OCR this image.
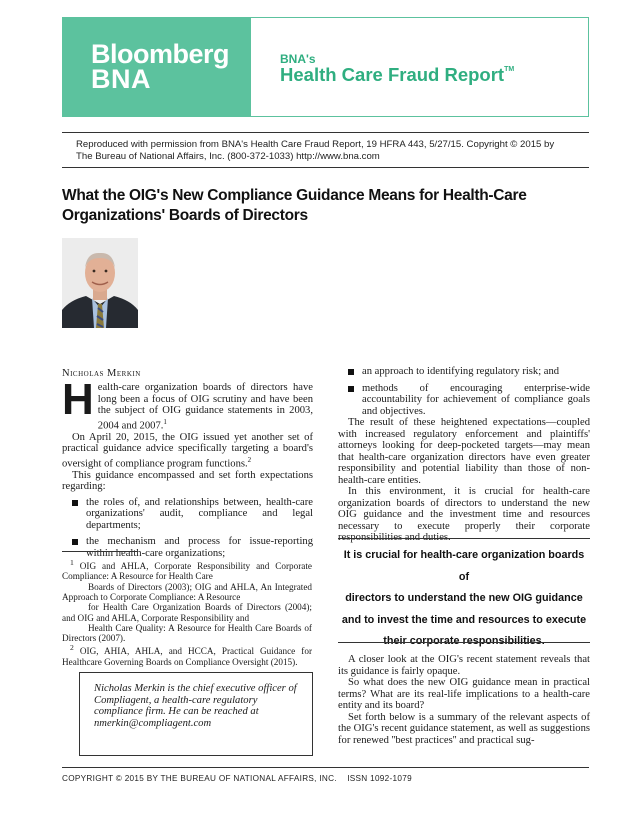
Bloomberg
BNA
BNA's
Health Care Fraud Report™
Reproduced with permission from BNA's Health Care Fraud Report, 19 HFRA 443, 5/27/15. Copyright © 2015 by
The Bureau of National Affairs, Inc. (800-372-1033) http://www.bna.com
What the OIG's New Compliance Guidance Means for Health-Care Organizations' Boards of Directors
Nicholas Merkin

Health-care organization boards of directors have long been a focus of OIG scrutiny and have been the subject of OIG guidance statements in 2003, 2004 and 2007.$^1$

On April 20, 2015, the OIG issued yet another set of practical guidance advice specifically targeting a board's oversight of compliance program functions.$^2$

This guidance encompassed and set forth expectations regarding:

the roles of, and relationships between, health-care organizations' audit, compliance and legal departments;
the mechanism and process for issue-reporting within health-care organizations;

$^1$ OIG and AHLA, Corporate Responsibility and Corporate Compliance: A Resource for Health Care

Boards of Directors (2003); OIG and AHLA, An Integrated Approach to Corporate Compliance: A Resource

for Health Care Organization Boards of Directors (2004); and OIG and AHLA, Corporate Responsibility and

Health Care Quality: A Resource for Health Care Boards of Directors (2007).

$^2$ OIG, AHIA, AHLA, and HCCA, Practical Guidance for Healthcare Governing Boards on Compliance Oversight (2015).

Nicholas Merkin is the chief executive officer of Compliagent, a health-care regulatory compliance firm. He can be reached at nmerkin@compliagent.com
an approach to identifying regulatory risk; and
methods of encouraging enterprise-wide accountability for achievement of compliance goals and objectives.

The result of these heightened expectations—coupled with increased regulatory enforcement and plaintiffs' attorneys looking for deep-pocketed targets—may mean that health-care organization directors have even greater responsibility and potential liability than those of non-health-care entities.

In this environment, it is crucial for health-care organization boards of directors to understand the new OIG guidance and the investment time and resources necessary to execute properly their corporate responsibilities and duties.

It is crucial for health-care organization boards of
directors to understand the new OIG guidance
and to invest the time and resources to execute
their corporate responsibilities.

A closer look at the OIG's recent statement reveals that its guidance is fairly opaque.

So what does the new OIG guidance mean in practical terms? What are its real-life implications to a health-care entity and its board?

Set forth below is a summary of the relevant aspects of the OIG's recent guidance statement, as well as suggestions for renewed ''best practices'' and practical sug-

COPYRIGHT © 2015 BY THE BUREAU OF NATIONAL AFFAIRS, INC. ISSN 1092-1079
